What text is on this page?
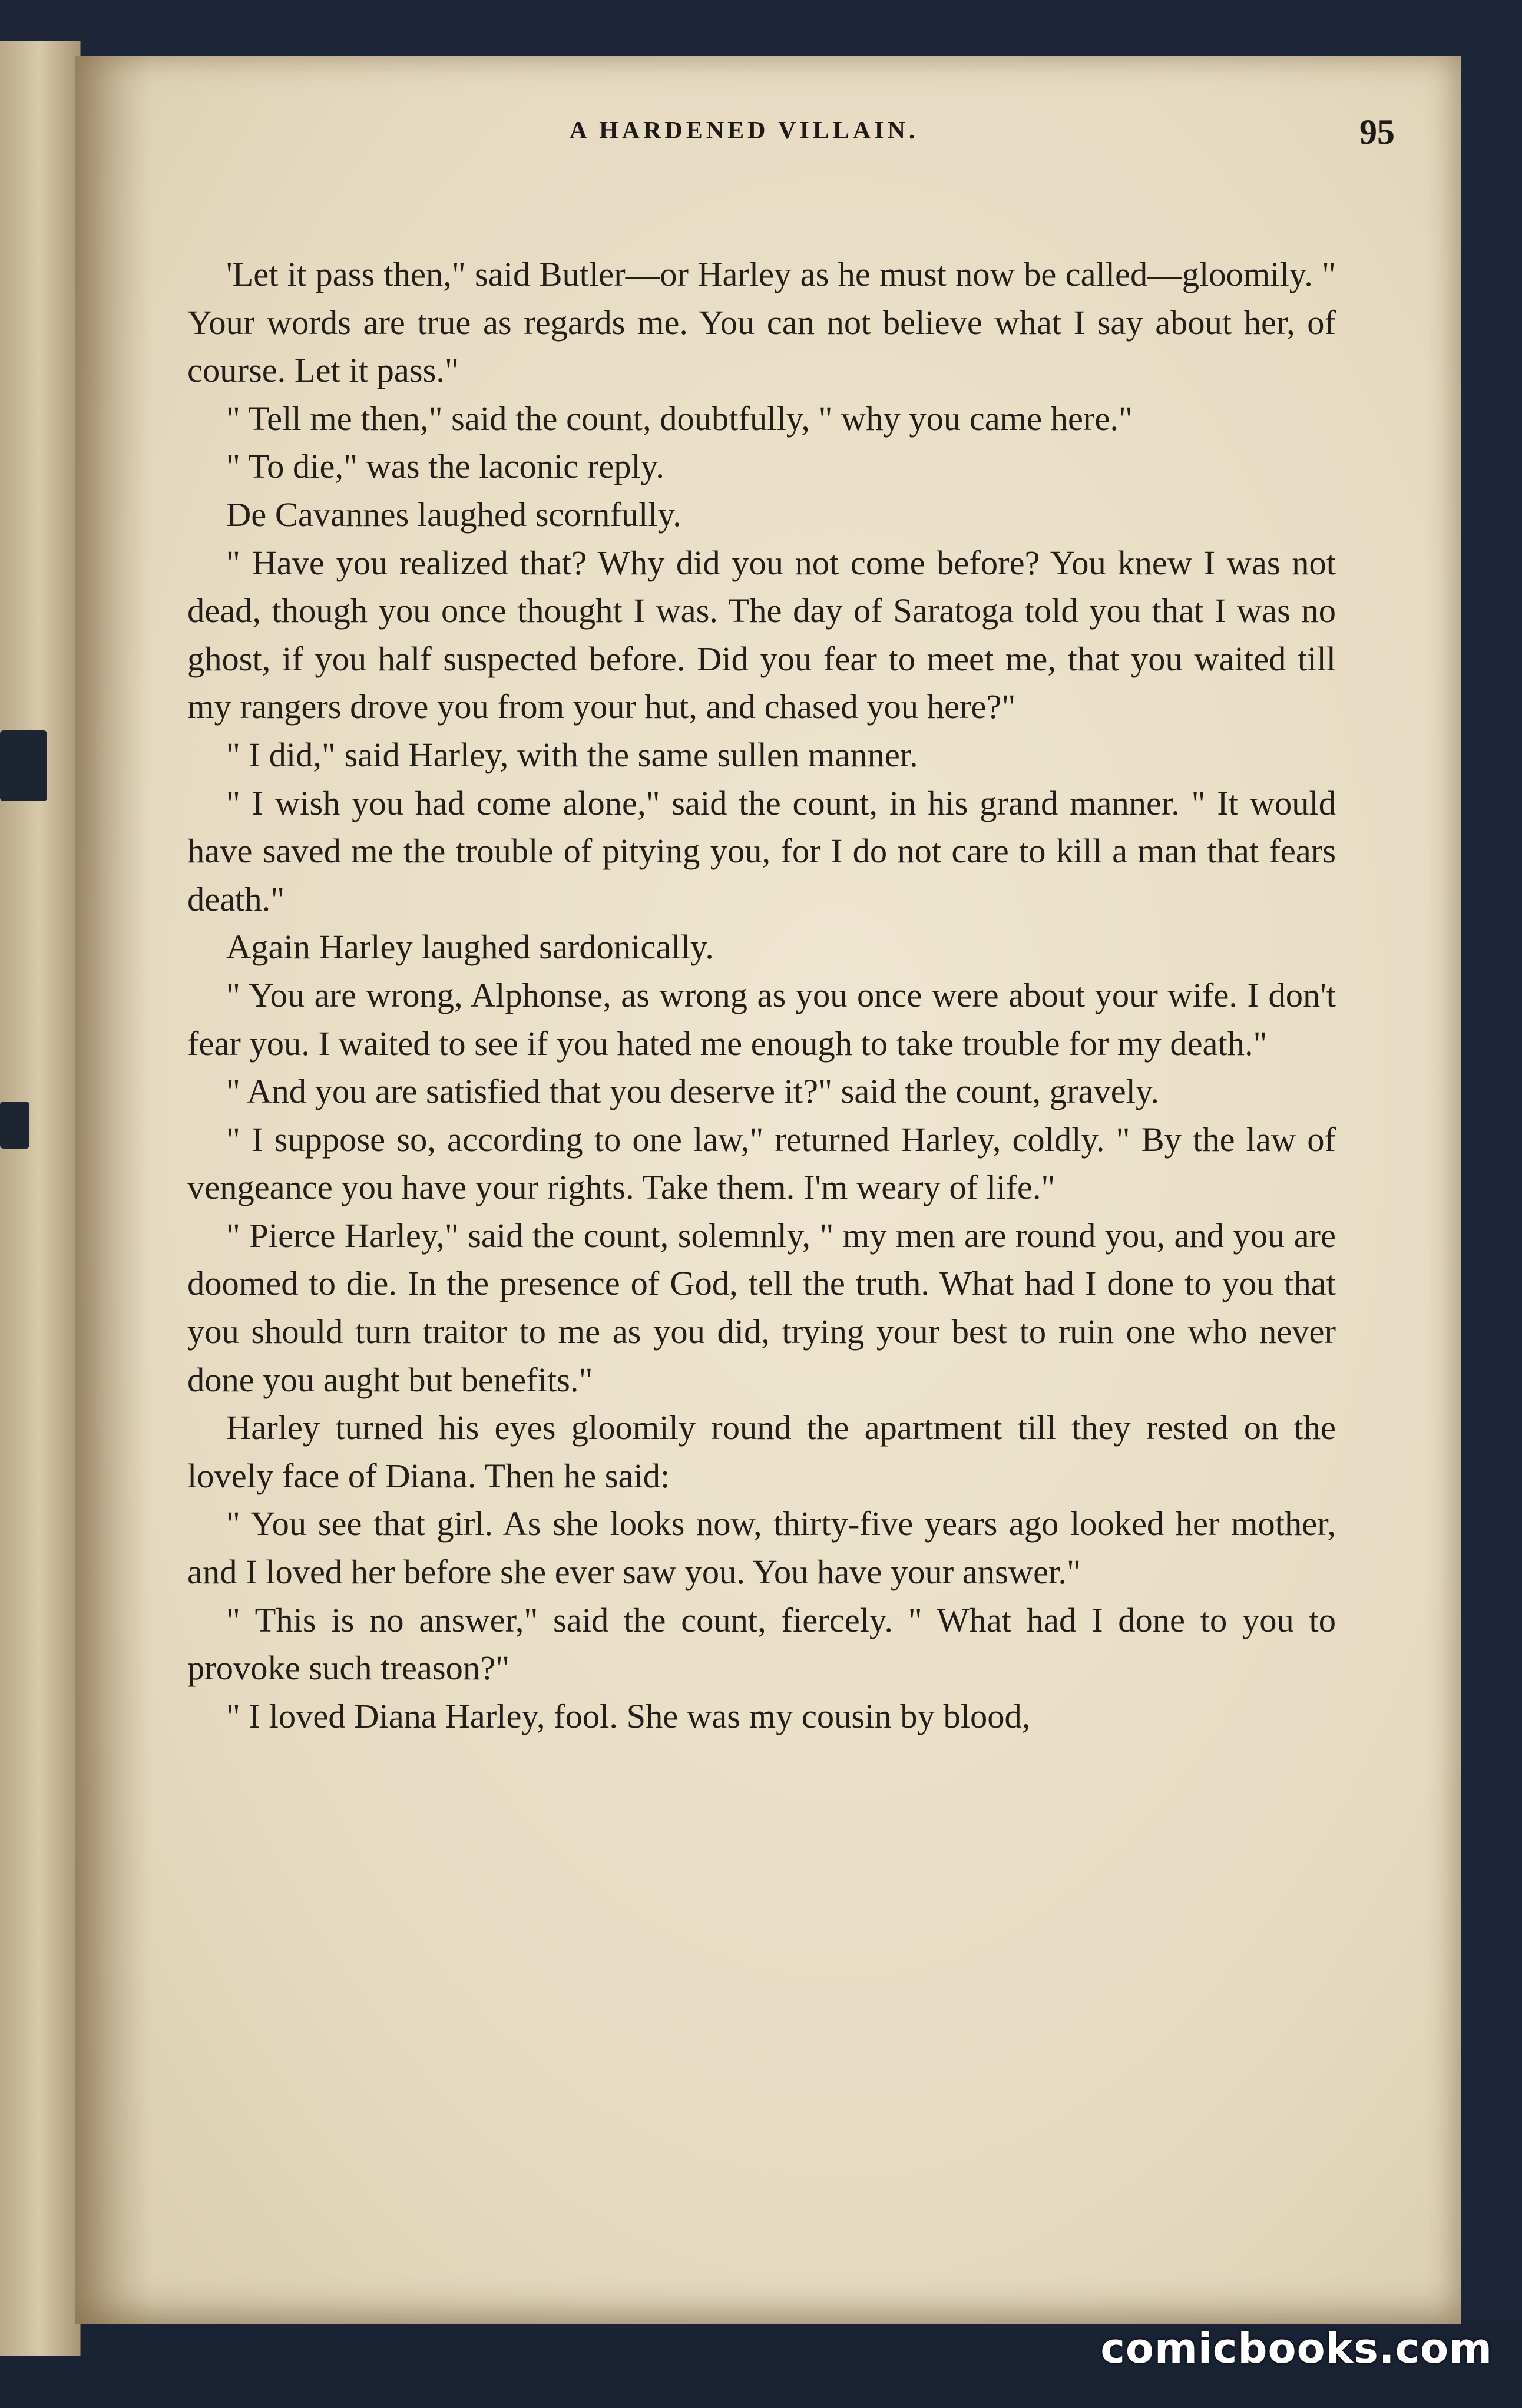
A HARDENED VILLAIN.	95

'Let it pass then," said Butler—or Harley as he must now be called—gloomily. " Your words are true as regards me. You can not believe what I say about her, of course. Let it pass."

" Tell me then," said the count, doubtfully, " why you came here."

" To die," was the laconic reply.

De Cavannes laughed scornfully.

" Have you realized that? Why did you not come before? You knew I was not dead, though you once thought I was. The day of Saratoga told you that I was no ghost, if you half suspected before. Did you fear to meet me, that you waited till my rangers drove you from your hut, and chased you here?"

" I did," said Harley, with the same sullen manner.

" I wish you had come alone," said the count, in his grand manner. " It would have saved me the trouble of pitying you, for I do not care to kill a man that fears death."

Again Harley laughed sardonically.

" You are wrong, Alphonse, as wrong as you once were about your wife. I don't fear you. I waited to see if you hated me enough to take trouble for my death."

" And you are satisfied that you deserve it?" said the count, gravely.

" I suppose so, according to one law," returned Harley, coldly. " By the law of vengeance you have your rights. Take them. I'm weary of life."

" Pierce Harley," said the count, solemnly, " my men are round you, and you are doomed to die. In the presence of God, tell the truth. What had I done to you that you should turn traitor to me as you did, trying your best to ruin one who never done you aught but benefits."

Harley turned his eyes gloomily round the apartment till they rested on the lovely face of Diana. Then he said:

" You see that girl. As she looks now, thirty-five years ago looked her mother, and I loved her before she ever saw you. You have your answer."

" This is no answer," said the count, fiercely. " What had I done to you to provoke such treason?"

" I loved Diana Harley, fool. She was my cousin by blood,

comicbooks.com
